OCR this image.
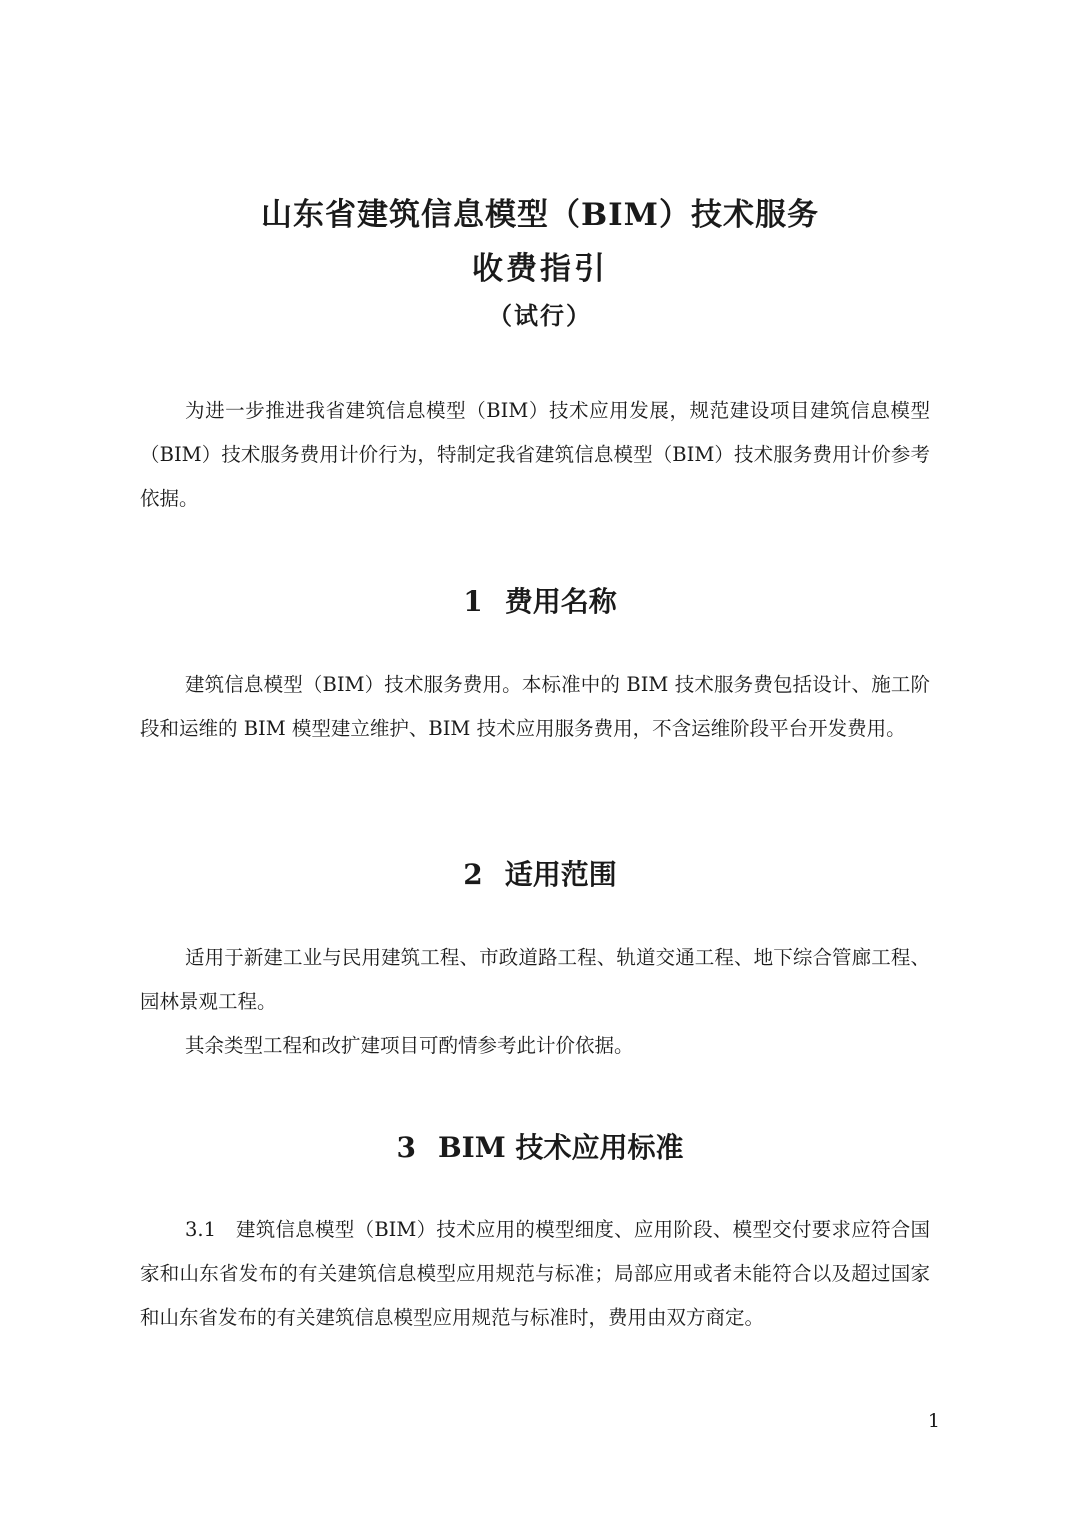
山东省建筑信息模型（BIM）技术服务
收费指引
（试行）

为进一步推进我省建筑信息模型（BIM）技术应用发展，规范建设项目建筑信息模型（BIM）技术服务费用计价行为，特制定我省建筑信息模型（BIM）技术服务费用计价参考依据。

1 费用名称

建筑信息模型（BIM）技术服务费用。本标准中的 BIM 技术服务费包括设计、施工阶段和运维的 BIM 模型建立维护、BIM 技术应用服务费用，不含运维阶段平台开发费用。

2 适用范围

适用于新建工业与民用建筑工程、市政道路工程、轨道交通工程、地下综合管廊工程、园林景观工程。

其余类型工程和改扩建项目可酌情参考此计价依据。

3 BIM 技术应用标准

3.1　建筑信息模型（BIM）技术应用的模型细度、应用阶段、模型交付要求应符合国家和山东省发布的有关建筑信息模型应用规范与标准；局部应用或者未能符合以及超过国家和山东省发布的有关建筑信息模型应用规范与标准时，费用由双方商定。

1
